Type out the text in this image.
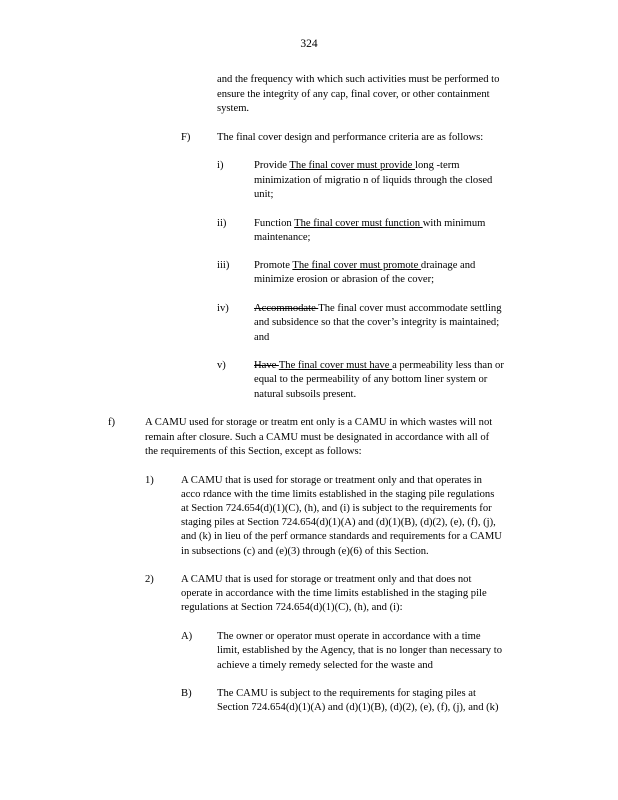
324
and the frequency with which such activities must be performed to
ensure the integrity of any cap, final cover, or other containment
system.
F)	The final cover design and performance criteria are as follows:
i)	Provide The final cover must provide long -term
minimization of migratio n of liquids through the closed
unit;
ii)	Function The final cover must function with minimum
maintenance;
iii) Promote The final cover must promote drainage and
minimize erosion or abrasion of the cover;
iv) Accommodate The final cover must accommodate settling
and subsidence so that the cover’s integrity is maintained;
and
v)	Have The final cover must have a permeability less than or
equal to the permeability of any bottom liner system or
natural subsoils present.
f)	A CAMU used for storage or treatm ent only is a CAMU in which wastes will not
remain after closure. Such a CAMU must be designated in accordance with all of
the requirements of this Section, except as follows:
1)	A CAMU that is used for storage or treatment only and that operates in
acco rdance with the time limits established in the staging pile regulations
at Section 724.654(d)(1)(C), (h), and (i) is subject to the requirements for
staging piles at Section 724.654(d)(1)(A) and (d)(1)(B), (d)(2), (e), (f), (j),
and (k) in lieu of the perf ormance standards and requirements for a CAMU
in subsections (c) and (e)(3) through (e)(6) of this Section.
2)	A CAMU that is used for storage or treatment only and that does not
operate in accordance with the time limits established in the staging pile
regulations at Section 724.654(d)(1)(C), (h), and (i):
A) The owner or operator must operate in accordance with a time
limit, established by the Agency, that is no longer than necessary to
achieve a timely remedy selected for the waste and
B) The CAMU is subject to the requirements for staging piles at
Section 724.654(d)(1)(A) and (d)(1)(B), (d)(2), (e), (f), (j), and (k)
